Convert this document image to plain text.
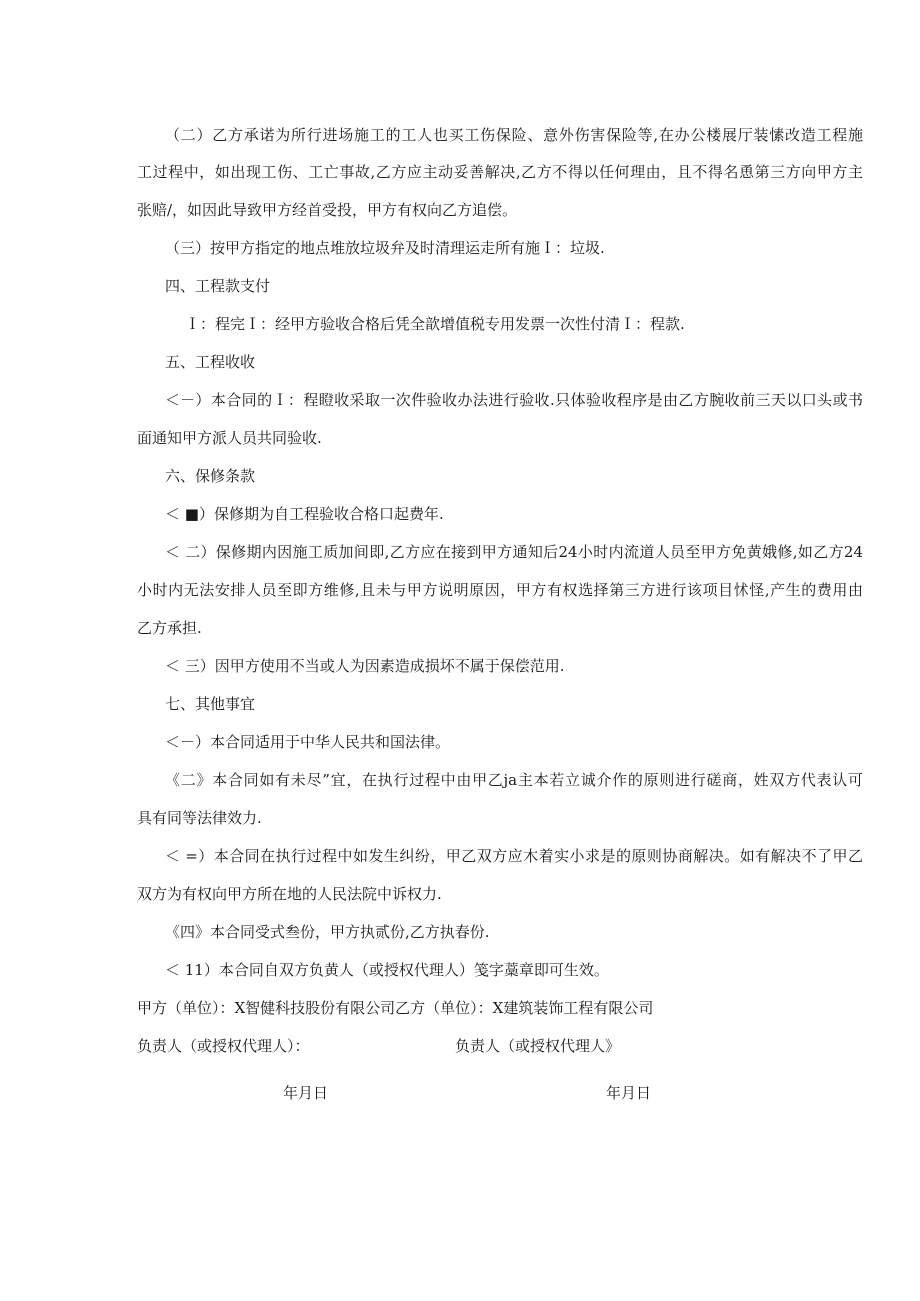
（二）乙方承诺为所行进场施工的工人也买工伤保险、意外伤害保险等,在办公楼展厅装愫改造工程施
工过程中，如出现工伤、工亡事故,乙方应主动妥善解决,乙方不得以任何理由，且不得名恿第三方向甲方主
张赔/，如因此导致甲方经首受投，甲方有权向乙方追偿。
（三）按甲方指定的地点堆放垃圾弁及时清理运走所有施Ｉ：垃圾.
四、工程款支付
Ｉ：程完Ｉ：经甲方验收合格后凭全歆增值税专用发票一次性付清Ｉ：程款.
五、工程收收
＜－）本合同的Ｉ：程瞪收采取一次件验收办法进行验收.只体验收程序是由乙方腕收前三天以口头或书
面通知甲方派人员共同验收.
六、保修条款
＜ ■）保修期为自工程验收合格口起费年.
＜ 二）保修期内因施工质加间即,乙方应在接到甲方通知后24小时内流道人员至甲方免黄娥修,如乙方24
小时内无法安排人员至即方维修,且未与甲方说明原因，甲方有权选择第三方进行该项目怵怪,产生的费用由
乙方承担.
＜ 三）因甲方使用不当或人为因素造成损坏不属于保偿范用.
七、其他事宜
＜－）本合同适用于中华人民共和国法律。
《二》本合同如有未尽”宜，在执行过程中由甲乙ja主本若立诚介作的原则进行磋商，姓双方代表认可
具有同等法律效力.
＜ =）本合同在执行过程中如发生纠纷，甲乙双方应木着实小求是的原则协商解决。如有解决不了甲乙
双方为有权向甲方所在地的人民法院中诉权力.
《四》本合同受式叁份，甲方执贰份,乙方执春份.
＜ 11）本合同自双方负黄人（或授权代理人）笺字藁章即可生效。
甲方（单位）：X智健科技股份有限公司乙方（单位）：X建筑装饰工程有限公司
负责人（或授权代理人）：	负责人（或授权代理人》
年月日	年月日
